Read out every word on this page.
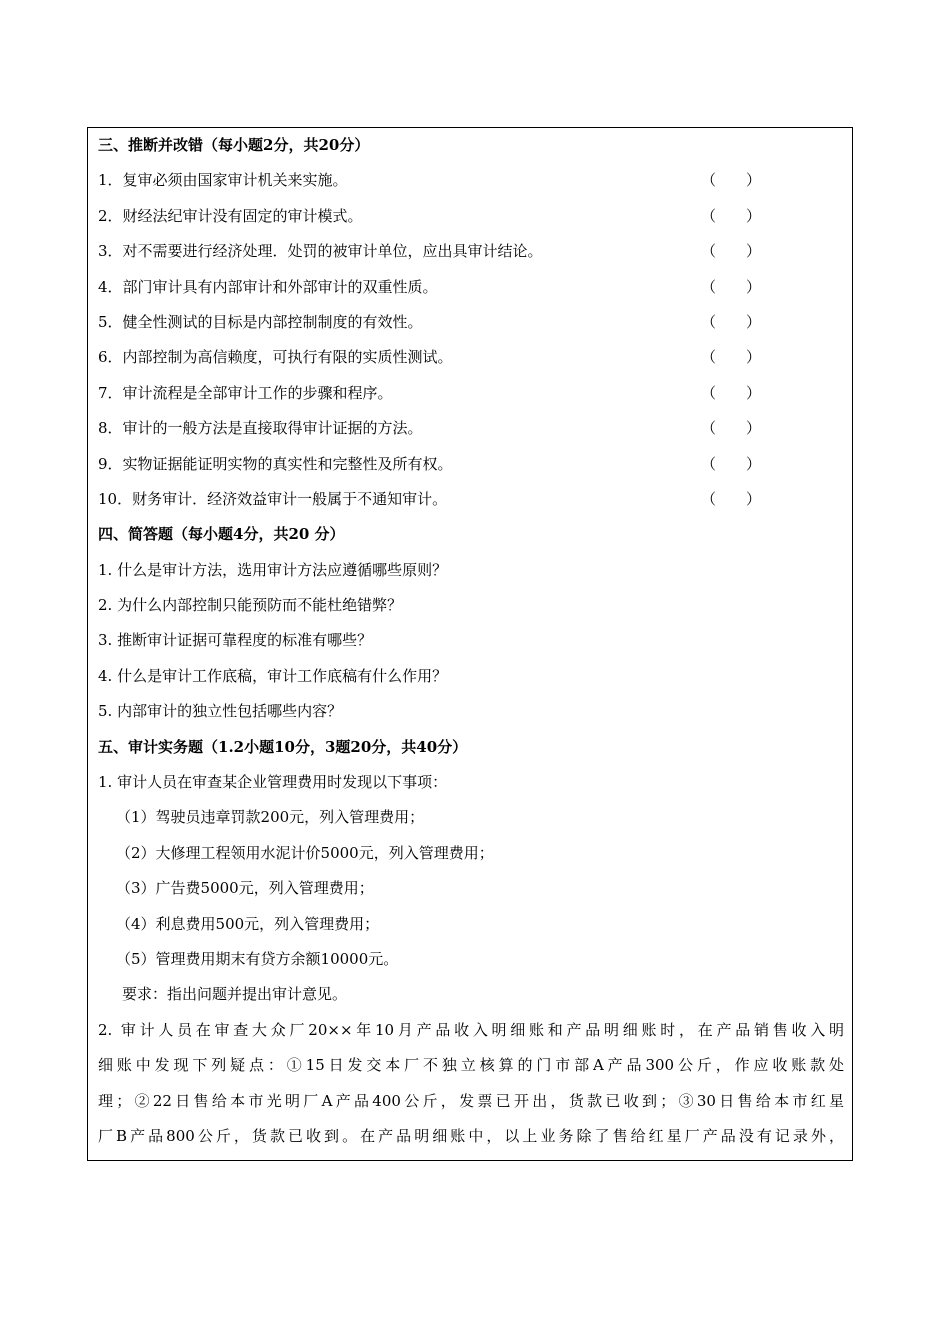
三、推断并改错（每小题2分，共20分）
1．复审必须由国家审计机关来实施。	（　　）
2．财经法纪审计没有固定的审计模式。	（　　）
3．对不需要进行经济处理．处罚的被审计单位，应出具审计结论。	（　　）
4．部门审计具有内部审计和外部审计的双重性质。	（　　）
5．健全性测试的目标是内部控制制度的有效性。	（　　）
6．内部控制为高信赖度，可执行有限的实质性测试。	（　　）
7．审计流程是全部审计工作的步骤和程序。	（　　）
8．审计的一般方法是直接取得审计证据的方法。	（　　）
9．实物证据能证明实物的真实性和完整性及所有权。	（　　）
10．财务审计．经济效益审计一般属于不通知审计。	（　　）
四、简答题（每小题4分，共20 分）
1. 什么是审计方法，选用审计方法应遵循哪些原则？
2. 为什么内部控制只能预防而不能杜绝错弊？
3. 推断审计证据可靠程度的标准有哪些？
4. 什么是审计工作底稿，审计工作底稿有什么作用？
5. 内部审计的独立性包括哪些内容？
五、审计实务题（1.2小题10分，3题20分，共40分）
1. 审计人员在审查某企业管理费用时发现以下事项：
（1）驾驶员违章罚款200元，列入管理费用；
（2）大修理工程领用水泥计价5000元，列入管理费用；
（3）广告费5000元，列入管理费用；
（4）利息费用500元，列入管理费用；
（5）管理费用期末有贷方余额10000元。
要求：指出问题并提出审计意见。
2. 审计人员在审查大众厂20××年10月产品收入明细账和产品明细账时，在产品销售收入明
细账中发现下列疑点：①15日发交本厂不独立核算的门市部A产品300公斤，作应收账款处
理；②22日售给本市光明厂A产品400公斤，发票已开出，货款已收到；③30日售给本市红星
厂B产品800公斤，货款已收到。在产品明细账中，以上业务除了售给红星厂产品没有记录外，
